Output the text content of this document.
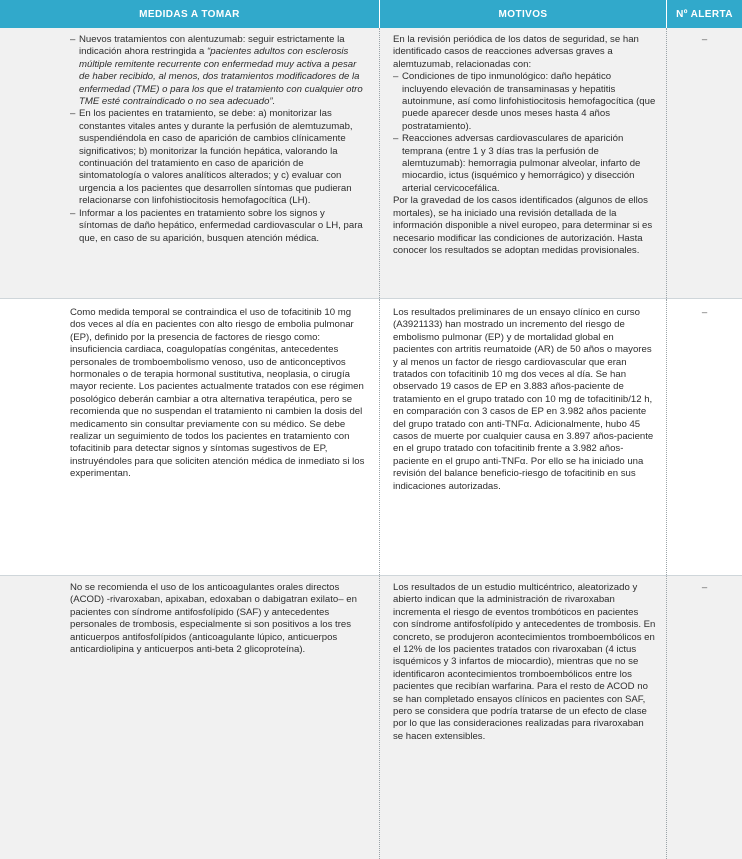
MEDIDAS A TOMAR	MOTIVOS	Nº ALERTA
– Nuevos tratamientos con alentuzumab: seguir estrictamente la indicación ahora restringida a “pacientes adultos con esclerosis múltiple remitente recurrente con enfermedad muy activa a pesar de haber recibido, al menos, dos tratamientos modificadores de la enfermedad (TME) o para los que el tratamiento con cualquier otro TME esté contraindicado o no sea adecuado”.
– En los pacientes en tratamiento, se debe: a) monitorizar las constantes vitales antes y durante la perfusión de alemtuzumab, suspendiéndola en caso de aparición de cambios clínicamente significativos; b) monitorizar la función hepática, valorando la continuación del tratamiento en caso de aparición de sintomatología o valores analíticos alterados; y c) evaluar con urgencia a los pacientes que desarrollen síntomas que pudieran relacionarse con linfohistiocitosis hemofagocítica (LH).
– Informar a los pacientes en tratamiento sobre los signos y síntomas de daño hepático, enfermedad cardiovascular o LH, para que, en caso de su aparición, busquen atención médica.

En la revisión periódica de los datos de seguridad, se han identificado casos de reacciones adversas graves a alemtuzumab, relacionadas con:

– Condiciones de tipo inmunológico: daño hepático incluyendo elevación de transaminasas y hepatitis autoinmune, así como linfohistiocitosis hemofagocítica (que puede aparecer desde unos meses hasta 4 años postratamiento).
– Reacciones adversas cardiovasculares de aparición temprana (entre 1 y 3 días tras la perfusión de alemtuzumab): hemorragia pulmonar alveolar, infarto de miocardio, ictus (isquémico y hemorrágico) y disección arterial cervicocefálica.

Por la gravedad de los casos identificados (algunos de ellos mortales), se ha iniciado una revisión detallada de la información disponible a nivel europeo, para determinar si es necesario modificar las condiciones de autorización. Hasta conocer los resultados se adoptan medidas provisionales.

–

Como medida temporal se contraindica el uso de tofacitinib 10 mg dos veces al día en pacientes con alto riesgo de embolia pulmonar (EP), definido por la presencia de factores de riesgo como: insuficiencia cardiaca, coagulopatías congénitas, antecedentes personales de tromboembolismo venoso, uso de anticonceptivos hormonales o de terapia hormonal sustitutiva, neoplasia, o cirugía mayor reciente. Los pacientes actualmente tratados con ese régimen posológico deberán cambiar a otra alternativa terapéutica, pero se recomienda que no suspendan el tratamiento ni cambien la dosis del medicamento sin consultar previamente con su médico. Se debe realizar un seguimiento de todos los pacientes en tratamiento con tofacitinib para detectar signos y síntomas sugestivos de EP, instruyéndoles para que soliciten atención médica de inmediato si los experimentan.

Los resultados preliminares de un ensayo clínico en curso (A3921133) han mostrado un incremento del riesgo de embolismo pulmonar (EP) y de mortalidad global en pacientes con artritis reumatoide (AR) de 50 años o mayores y al menos un factor de riesgo cardiovascular que eran tratados con tofacitinib 10 mg dos veces al día. Se han observado 19 casos de EP en 3.883 años-paciente de tratamiento en el grupo tratado con 10 mg de tofacitinib/12 h, en comparación con 3 casos de EP en 3.982 años paciente del grupo tratado con anti-TNFα. Adicionalmente, hubo 45 casos de muerte por cualquier causa en 3.897 años-paciente en el grupo tratado con tofacitinib frente a 3.982 años-paciente en el grupo anti-TNFα. Por ello se ha iniciado una revisión del balance beneficio-riesgo de tofacitinib en sus indicaciones autorizadas.

–

No se recomienda el uso de los anticoagulantes orales directos (ACOD) -rivaroxaban, apixaban, edoxaban o dabigatran exilato– en pacientes con síndrome antifosfolípido (SAF) y antecedentes personales de trombosis, especialmente si son positivos a los tres anticuerpos antifosfolípidos (anticoagulante lúpico, anticuerpos anticardiolipina y anticuerpos anti-beta 2 glicoproteína).

Los resultados de un estudio multicéntrico, aleatorizado y abierto indican que la administración de rivaroxaban incrementa el riesgo de eventos trombóticos en pacientes con síndrome antifosfolípido y antecedentes de trombosis. En concreto, se produjeron acontecimientos tromboembólicos en el 12% de los pacientes tratados con rivaroxaban (4 ictus isquémicos y 3 infartos de miocardio), mientras que no se identificaron acontecimientos tromboembólicos entre los pacientes que recibían warfarina. Para el resto de ACOD no se han completado ensayos clínicos en pacientes con SAF, pero se considera que podría tratarse de un efecto de clase por lo que las consideraciones realizadas para rivaroxaban se hacen extensibles.

–
